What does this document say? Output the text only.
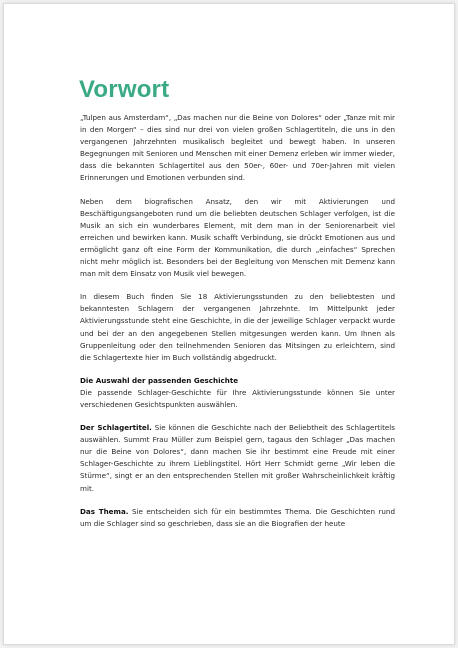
Vorwort

„Tulpen aus Amsterdam“, „Das machen nur die Beine von Dolores“ oder „Tanze mit mir in den Morgen“ – dies sind nur drei von vielen großen Schlagertiteln, die uns in den vergangenen Jahrzehnten musikalisch begleitet und bewegt haben. In unseren Begegnungen mit Senioren und Menschen mit einer Demenz erleben wir immer wieder, dass die bekannten Schlagertitel aus den 50er-, 60er- und 70er-Jahren mit vielen Erinnerungen und Emotionen verbunden sind.

Neben dem biografischen Ansatz, den wir mit Aktivierungen und Beschäftigungsangeboten rund um die beliebten deutschen Schlager verfolgen, ist die Musik an sich ein wunderbares Element, mit dem man in der Seniorenarbeit viel erreichen und bewirken kann. Musik schafft Verbindung, sie drückt Emotionen aus und ermöglicht ganz oft eine Form der Kommunikation, die durch „einfaches“ Sprechen nicht mehr möglich ist. Besonders bei der Begleitung von Menschen mit Demenz kann man mit dem Einsatz von Musik viel bewegen.

In diesem Buch finden Sie 18 Aktivierungsstunden zu den beliebtesten und bekanntesten Schlagern der vergangenen Jahrzehnte. Im Mittelpunkt jeder Aktivierungsstunde steht eine Geschichte, in die der jeweilige Schlager verpackt wurde und bei der an den angegebenen Stellen mitgesungen werden kann. Um Ihnen als Gruppenleitung oder den teilnehmenden Senioren das Mitsingen zu erleichtern, sind die Schlagertexte hier im Buch vollständig abgedruckt.

Die Auswahl der passenden Geschichte

Die passende Schlager-Geschichte für Ihre Aktivierungsstunde können Sie unter verschiedenen Gesichtspunkten auswählen.

Der Schlagertitel. Sie können die Geschichte nach der Beliebtheit des Schlagertitels auswählen. Summt Frau Müller zum Beispiel gern, tagaus den Schlager „Das machen nur die Beine von Dolores“, dann machen Sie ihr bestimmt eine Freude mit einer Schlager-Geschichte zu ihrem Lieblingstitel. Hört Herr Schmidt gerne „Wir leben die Stürme“, singt er an den entsprechenden Stellen mit großer Wahrscheinlichkeit kräftig mit.

Das Thema. Sie entscheiden sich für ein bestimmtes Thema. Die Geschichten rund um die Schlager sind so geschrieben, dass sie an die Biografien der heute
